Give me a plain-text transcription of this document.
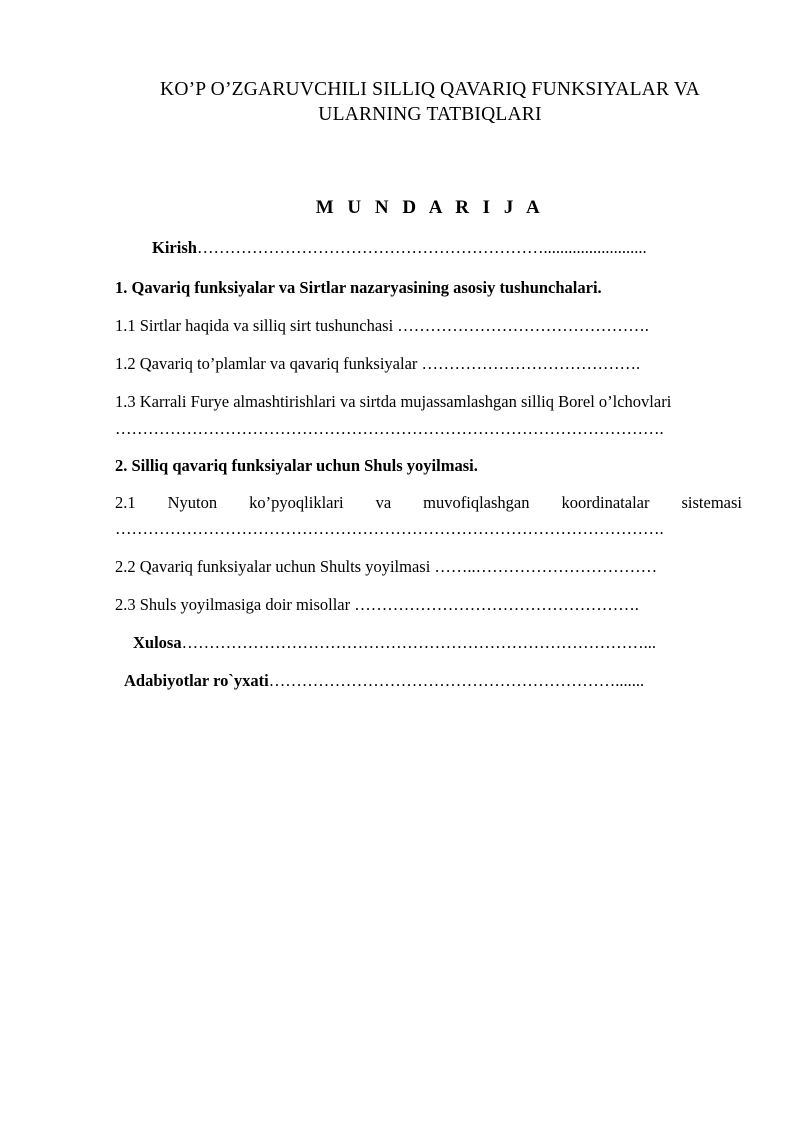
KO’P O’ZGARUVCHILI SILLIQ QAVARIQ FUNKSIYALAR VA
ULARNING TATBIQLARI
M U N D A R I J A
Kirish……………………………………………………….........................
1. Qavariq funksiyalar va Sirtlar nazaryasining asosiy tushunchalari.
1.1 Sirtlar haqida va silliq sirt tushunchasi ……………………………………….
1.2 Qavariq to’plamlar va qavariq funksiyalar ………………………………….
1.3 Karrali Furye almashtirishlari va sirtda mujassamlashgan silliq Borel o’lchovlari
……………………………………………………………………………………….
2. Silliq qavariq funksiyalar uchun Shuls yoyilmasi.
2.1 Nyuton ko’pyoqliklari va muvofiqlashgan koordinatalar sistemasi
……………………………………………………………………………………….
2.2 Qavariq funksiyalar uchun Shults yoyilmasi ……..……………………………
2.3 Shuls yoyilmasiga doir misollar …………………………………………….
Xulosa…………………………………………………………………………...
Adabiyotlar ro`yxati……………………………………………………….......
